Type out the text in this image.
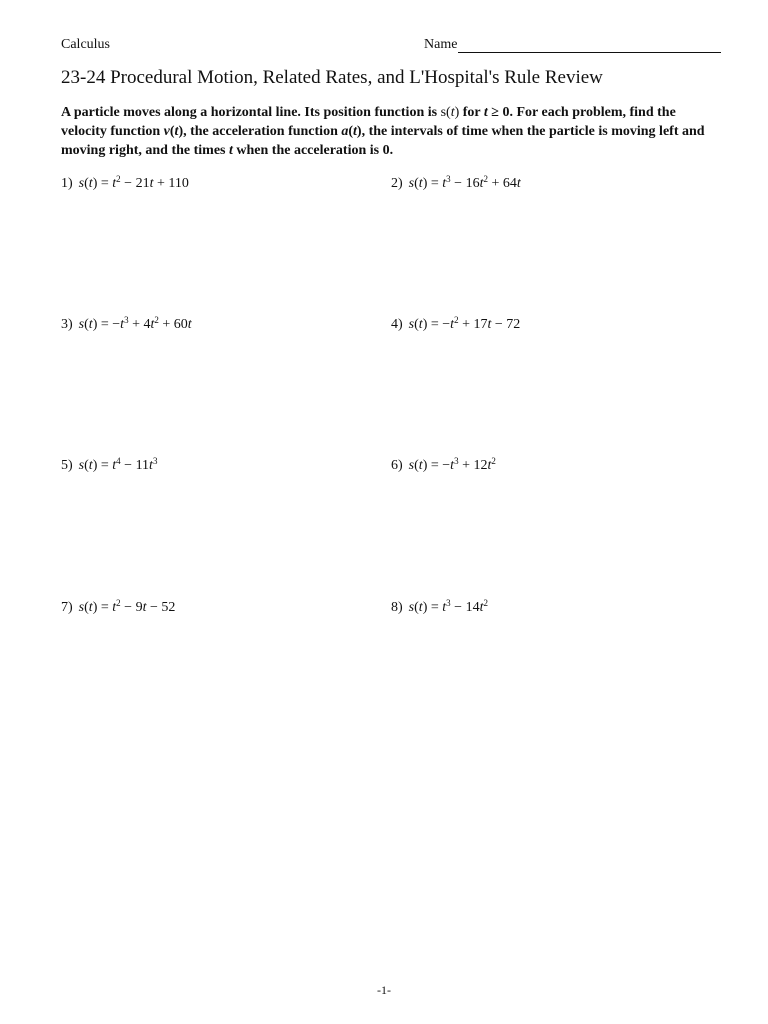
Calculus	Name
23-24 Procedural Motion, Related Rates, and L'Hospital's Rule Review
A particle moves along a horizontal line. Its position function is s(t) for t ≥ 0. For each problem, find the velocity function v(t), the acceleration function a(t), the intervals of time when the particle is moving left and moving right, and the times t when the acceleration is 0.
1) $s(t) = t^2 - 21t + 110$	2) $s(t) = t^3 - 16t^2 + 64t$
3) $s(t) = -t^3 + 4t^2 + 60t$	4) $s(t) = -t^2 + 17t - 72$
5) $s(t) = t^4 - 11t^3$	6) $s(t) = -t^3 + 12t^2$
7) $s(t) = t^2 - 9t - 52$	8) $s(t) = t^3 - 14t^2$
-1-
